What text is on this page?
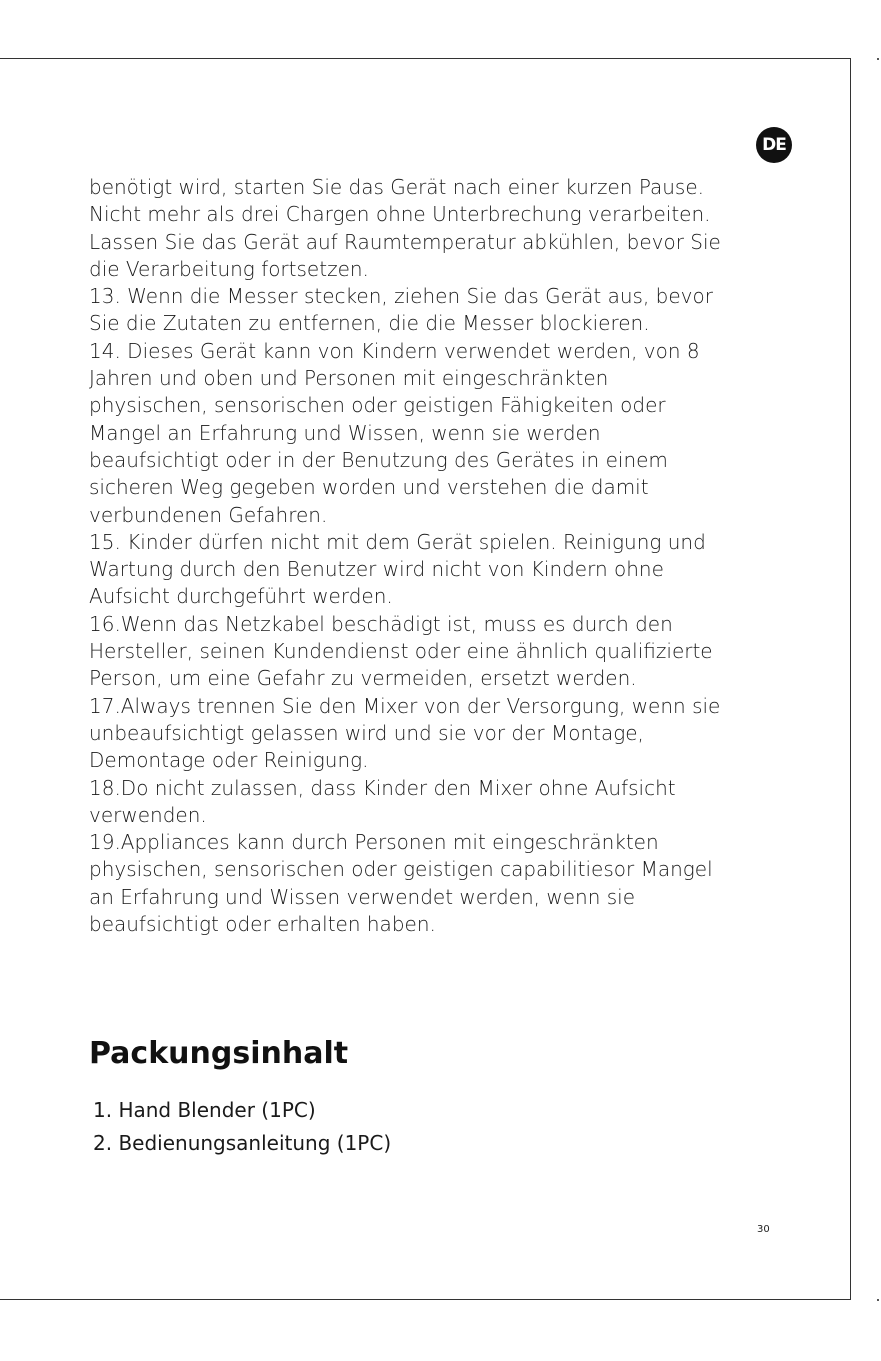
DE
benötigt wird, starten Sie das Gerät nach einer kurzen Pause.
Nicht mehr als drei Chargen ohne Unterbrechung verarbeiten.
Lassen Sie das Gerät auf Raumtemperatur abkühlen, bevor Sie
die Verarbeitung fortsetzen.
13. Wenn die Messer stecken, ziehen Sie das Gerät aus, bevor
Sie die Zutaten zu entfernen, die die Messer blockieren.
14. Dieses Gerät kann von Kindern verwendet werden, von 8
Jahren und oben und Personen mit eingeschränkten
physischen, sensorischen oder geistigen Fähigkeiten oder
Mangel an Erfahrung und Wissen, wenn sie werden
beaufsichtigt oder in der Benutzung des Gerätes in einem
sicheren Weg gegeben worden und verstehen die damit
verbundenen Gefahren.
15. Kinder dürfen nicht mit dem Gerät spielen. Reinigung und
Wartung durch den Benutzer wird nicht von Kindern ohne
Aufsicht durchgeführt werden.
16.Wenn das Netzkabel beschädigt ist, muss es durch den
Hersteller, seinen Kundendienst oder eine ähnlich qualifizierte
Person, um eine Gefahr zu vermeiden, ersetzt werden.
17.Always trennen Sie den Mixer von der Versorgung, wenn sie
unbeaufsichtigt gelassen wird und sie vor der Montage,
Demontage oder Reinigung.
18.Do nicht zulassen, dass Kinder den Mixer ohne Aufsicht
verwenden.
19.Appliances kann durch Personen mit eingeschränkten
physischen, sensorischen oder geistigen capabilitiesor Mangel
an Erfahrung und Wissen verwendet werden, wenn sie
beaufsichtigt oder erhalten haben.
Packungsinhalt
1. Hand Blender (1PC)
2. Bedienungsanleitung (1PC)
30
